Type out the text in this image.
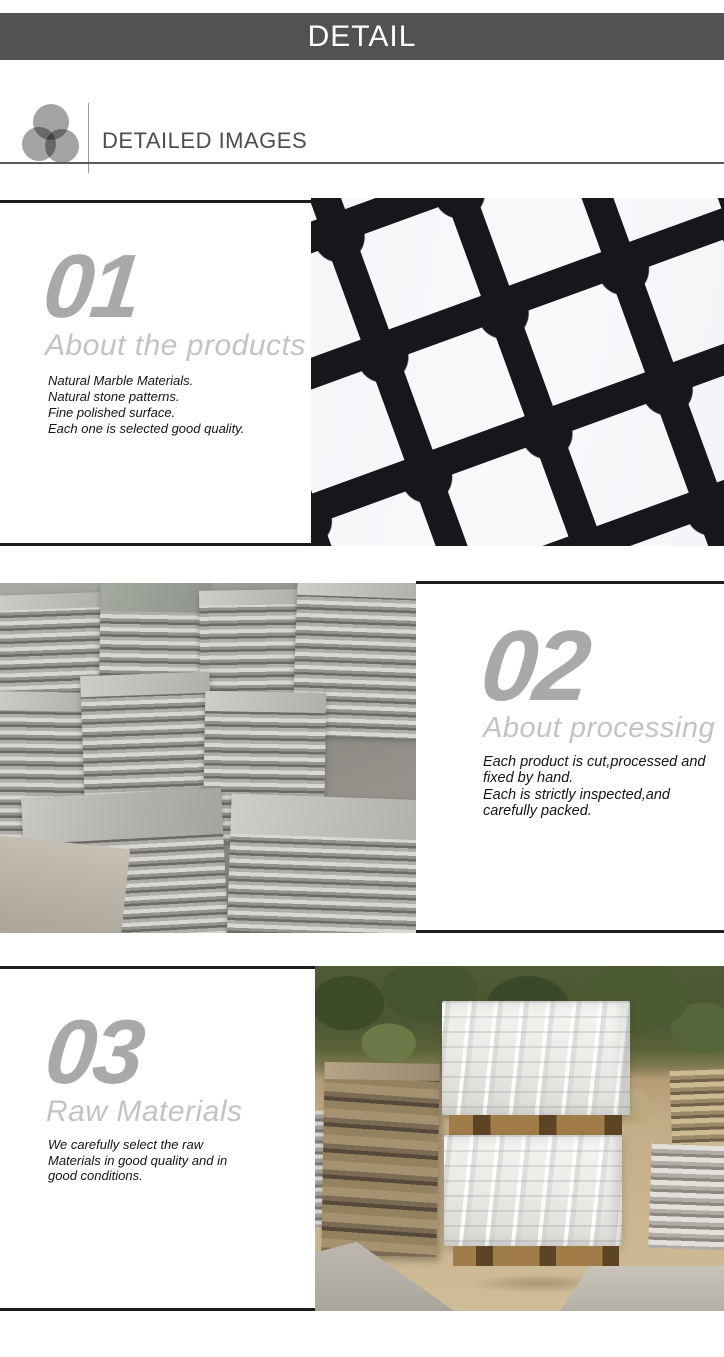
DETAIL
DETAILED IMAGES
01
About the products
Natural Marble Materials.
Natural stone patterns.
Fine polished surface.
Each one is selected good quality.
02
About processing
Each product is cut,processed and
fixed by hand.
Each is strictly inspected,and
carefully packed.
03
Raw Materials
We carefully select the raw
Materials in good quality and in
good conditions.
